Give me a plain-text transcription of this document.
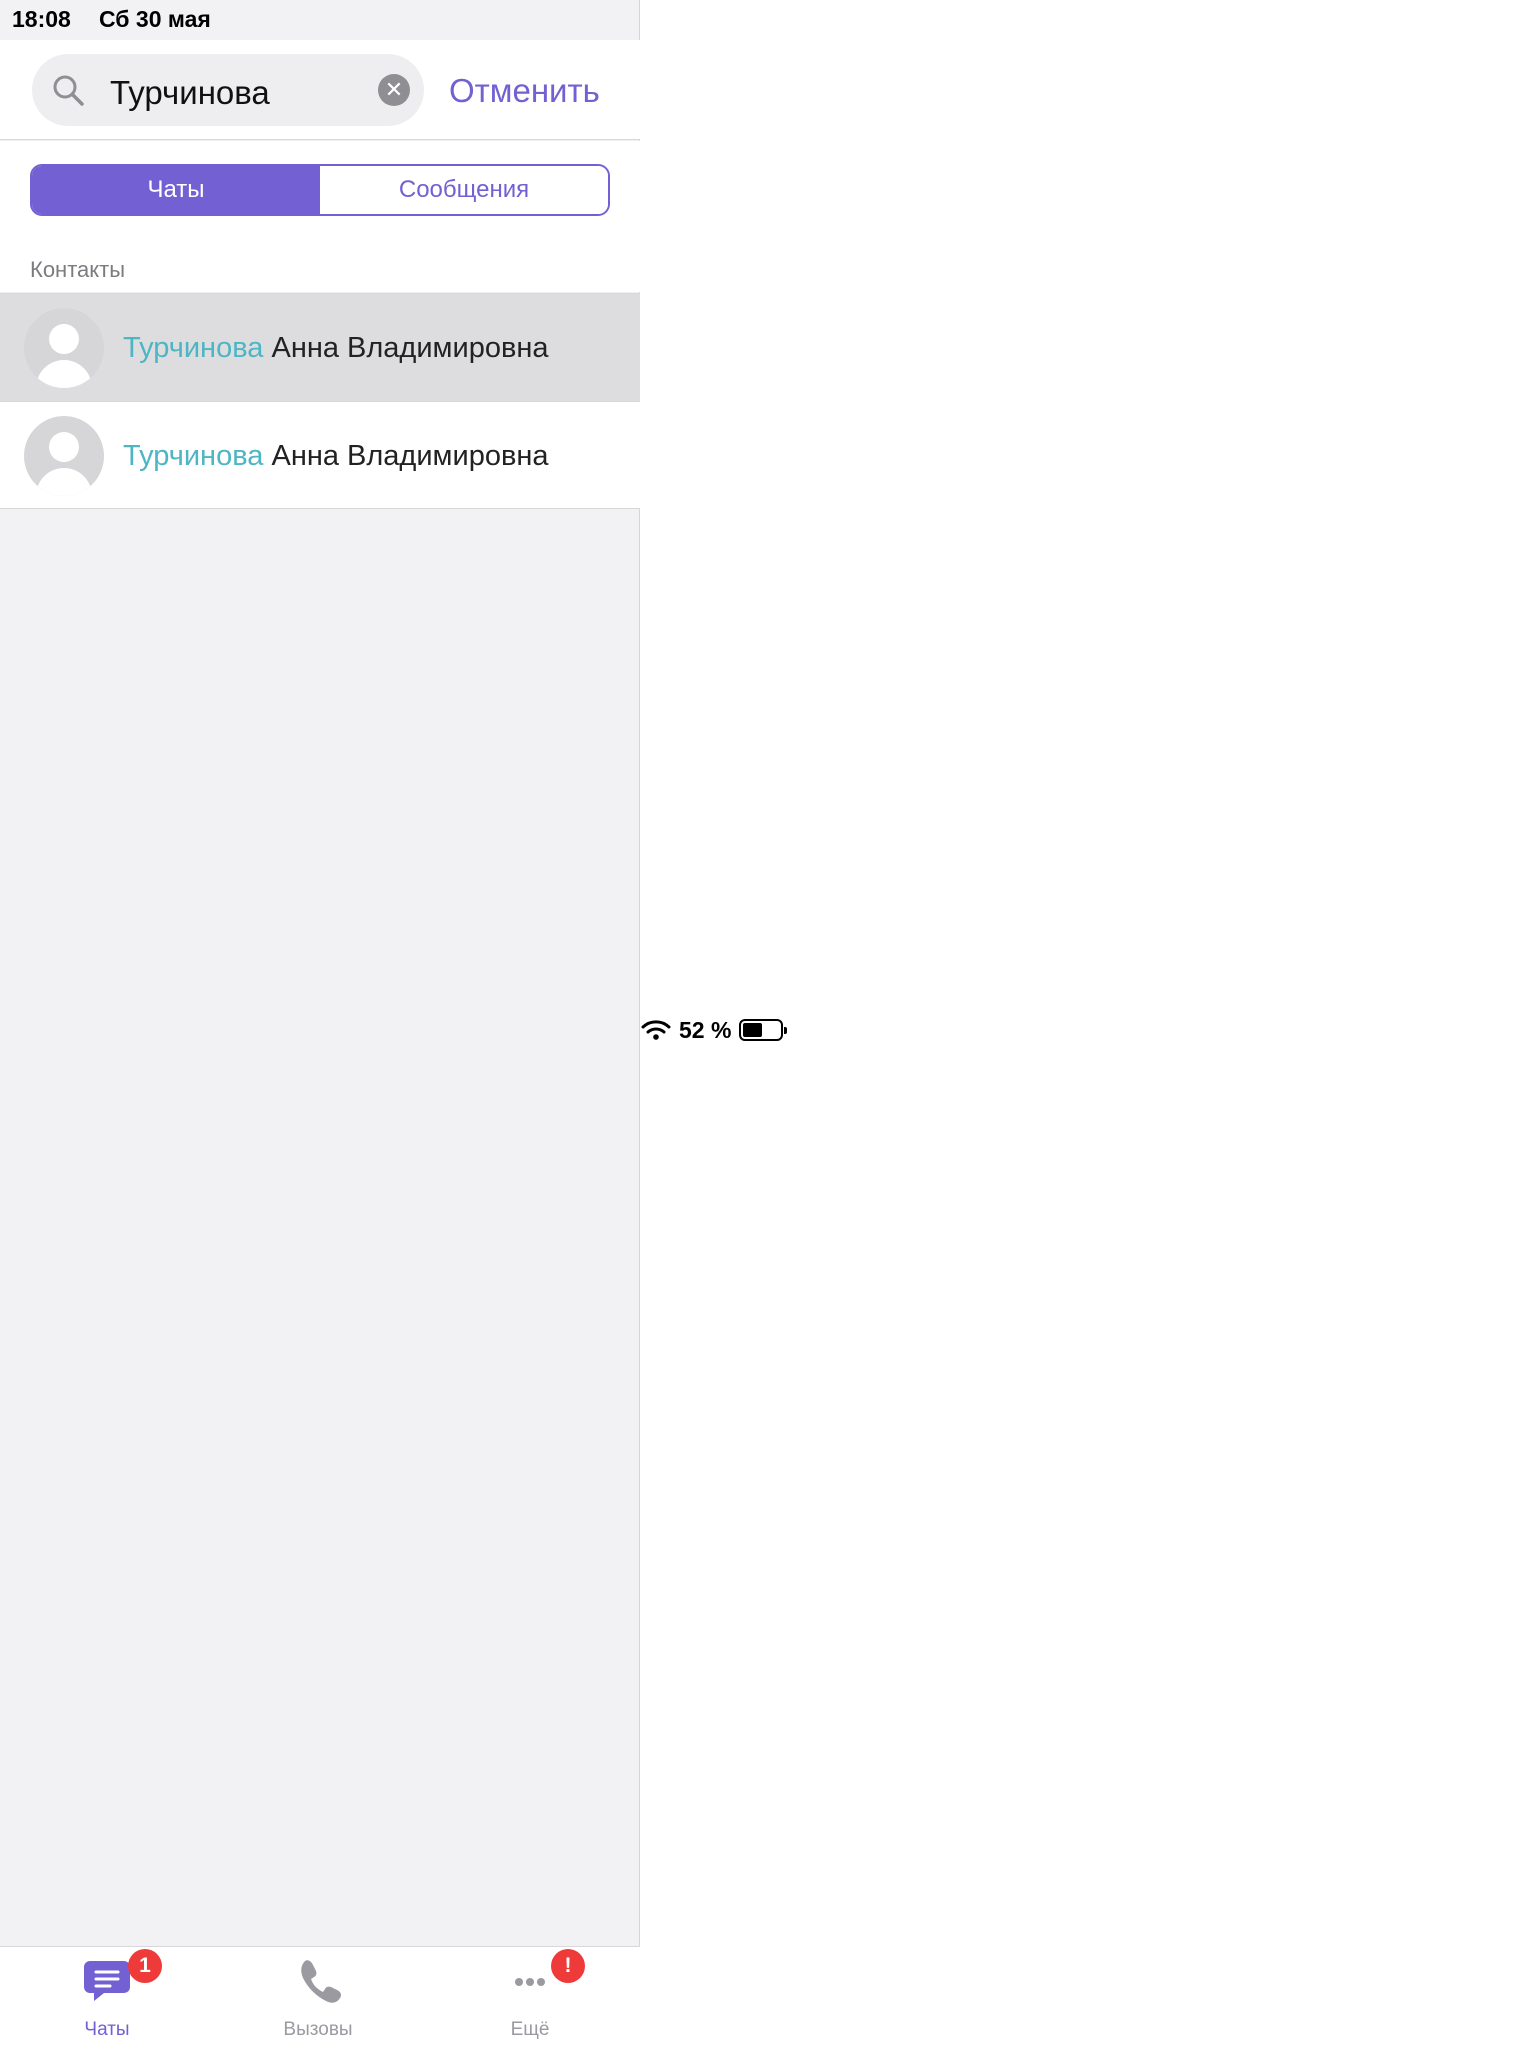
Турчинова	✕ Отменить
Чаты	Сообщения
Контакты
Турчинова Анна Владимировна
Турчинова Анна Владимировна
1
Чаты	Вызовы
!
Ещё
18:08 Сб 30 мая
52 %
